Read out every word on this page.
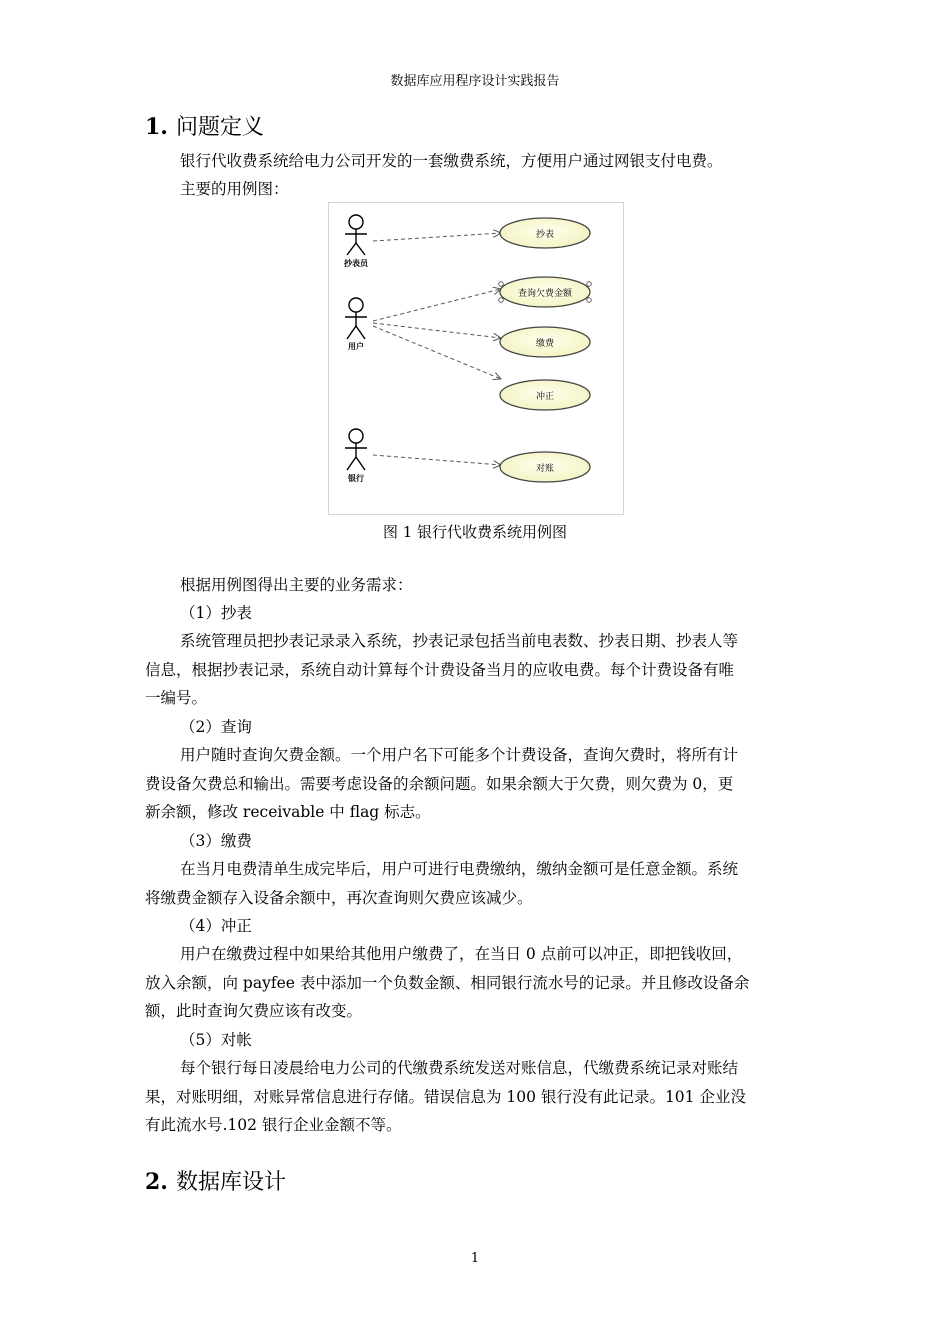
数据库应用程序设计实践报告
1. 问题定义
银行代收费系统给电力公司开发的一套缴费系统，方便用户通过网银支付电费。
主要的用例图：
抄表员
用户
银行
抄表
查询欠费金额
缴费
冲正
对账
图 1 银行代收费系统用例图
根据用例图得出主要的业务需求：
（1）抄表
系统管理员把抄表记录录入系统，抄表记录包括当前电表数、抄表日期、抄表人等
信息，根据抄表记录，系统自动计算每个计费设备当月的应收电费。每个计费设备有唯
一编号。
（2）查询
用户随时查询欠费金额。一个用户名下可能多个计费设备，查询欠费时，将所有计
费设备欠费总和输出。需要考虑设备的余额问题。如果余额大于欠费，则欠费为 0，更
新余额，修改 receivable 中 flag 标志。
（3）缴费
在当月电费清单生成完毕后，用户可进行电费缴纳，缴纳金额可是任意金额。系统
将缴费金额存入设备余额中，再次查询则欠费应该减少。
（4）冲正
用户在缴费过程中如果给其他用户缴费了，在当日 0 点前可以冲正，即把钱收回，
放入余额，向 payfee 表中添加一个负数金额、相同银行流水号的记录。并且修改设备余
额，此时查询欠费应该有改变。
（5）对帐
每个银行每日凌晨给电力公司的代缴费系统发送对账信息，代缴费系统记录对账结
果，对账明细，对账异常信息进行存储。错误信息为 100 银行没有此记录。101 企业没
有此流水号.102 银行企业金额不等。
2. 数据库设计
1
